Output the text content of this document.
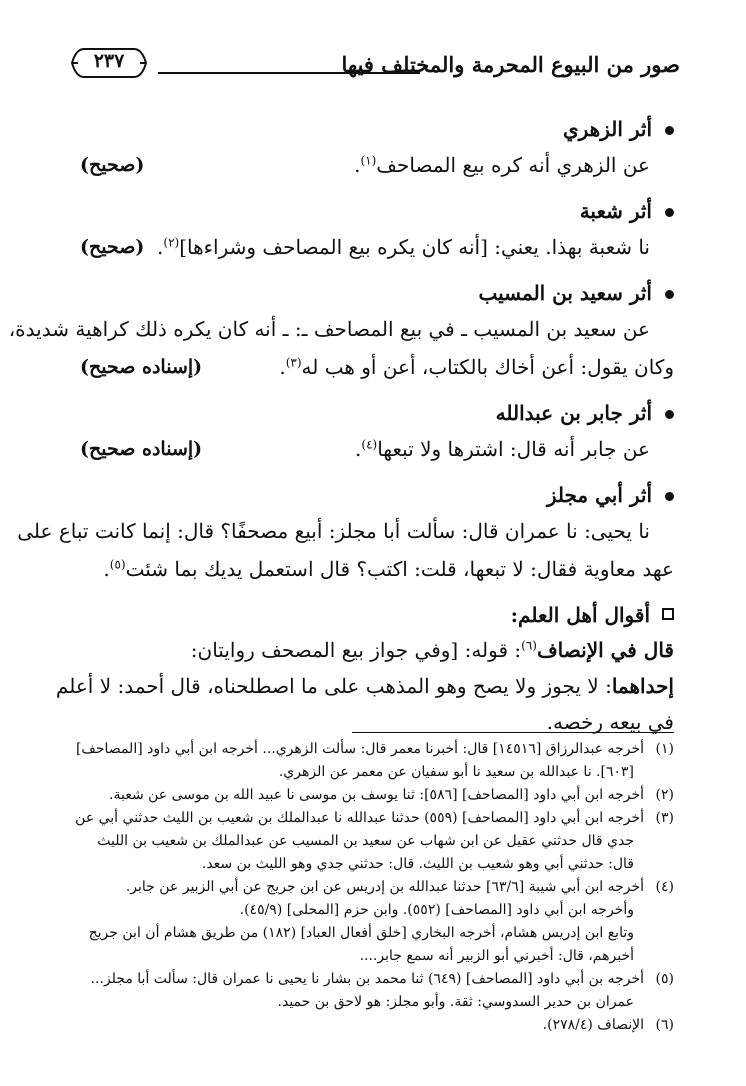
صور من البيوع المحرمة والمختلف فيها
٢٣٧
أثر الزهري
عن الزهري أنه كره بيع المصاحف$^{(١)}$.
(صحيح)
أثر شعبة
نا شعبة بهذا. يعني: [أنه كان يكره بيع المصاحف وشراءها]$^{(٢)}$.
(صحيح)
أثر سعيد بن المسيب
عن سعيد بن المسيب ـ في بيع المصاحف ـ: ـ أنه كان يكره ذلك كراهية شديدة،
وكان يقول: أعن أخاك بالكتاب، أعن أو هب له$^{(٣)}$.
(إسناده صحيح)
أثر جابر بن عبدالله
عن جابر أنه قال: اشترها ولا تبعها$^{(٤)}$.
(إسناده صحيح)
أثر أبي مجلز
نا يحيى: نا عمران قال: سألت أبا مجلز: أبيع مصحفًا؟ قال: إنما كانت تباع على
عهد معاوية فقال: لا تبعها، قلت: اكتب؟ قال استعمل يديك بما شئت$^{(٥)}$.
أقوال أهل العلم:
قال في الإنصاف$^{(٦)}$: قوله: [وفي جواز بيع المصحف روايتان:
إحداهما: لا يجوز ولا يصح وهو المذهب على ما اصطلحناه، قال أحمد: لا أعلم
في بيعه رخصه.
(١)
أخرجه عبدالرزاق [١٤٥١٦] قال: أخبرنا معمر قال: سألت الزهري... أخرجه ابن أبي داود [المصاحف]
[٦٠٣]. نا عبدالله بن سعيد نا أبو سفيان عن معمر عن الزهري.
(٢)
أخرجه ابن أبي داود [المصاحف] [٥٨٦]: ثنا يوسف بن موسى نا عبيد الله بن موسى عن شعبة.
(٣)
أخرجه ابن أبي داود [المصاحف] (٥٥٩) حدثنا عبدالله نا عبدالملك بن شعيب بن الليث حدثني أبي عن
جدي قال حدثني عقيل عن ابن شهاب عن سعيد بن المسيب عن عبدالملك بن شعيب بن الليث
قال: حدثني أبي وهو شعيب بن الليث. قال: حدثني جدي وهو الليث بن سعد.
(٤)
أخرجه ابن أبي شيبة [٦٣/٦] حدثنا عبدالله بن إدريس عن ابن جريج عن أبي الزبير عن جابر.
وأخرجه ابن أبي داود [المصاحف] (٥٥٢). وابن حزم [المحلى] (٤٥/٩).
وتابع ابن إدريس هشام، أخرجه البخاري [خلق أفعال العباد] (١٨٢) من طريق هشام أن ابن جريج
أخبرهم، قال: أخبرني أبو الزبير أنه سمع جابر....
(٥)
أخرجه بن أبي داود [المصاحف] (٦٤٩) ثنا محمد بن بشار نا يحيى نا عمران قال: سألت أبا مجلز...
عمران بن حدير السدوسي: ثقة. وأبو مجلز: هو لاحق بن حميد.
(٦)
الإنصاف (٢٧٨/٤).
